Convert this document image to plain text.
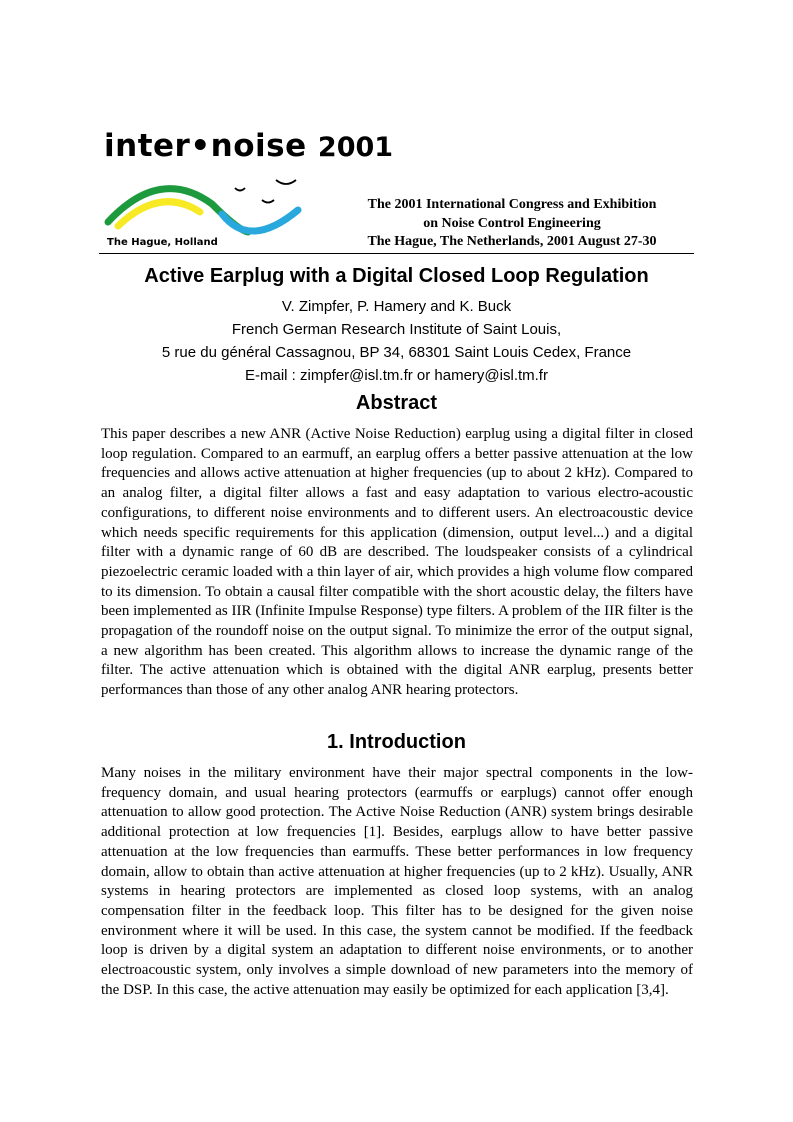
inter•noise 2001
The Hague, Holland
The 2001 International Congress and Exhibition
on Noise Control Engineering
The Hague, The Netherlands, 2001 August 27-30
Active Earplug with a Digital Closed Loop Regulation
V. Zimpfer, P. Hamery and K. Buck
French German Research Institute of Saint Louis,
5 rue du général Cassagnou, BP 34, 68301 Saint Louis Cedex, France
E-mail : zimpfer@isl.tm.fr or hamery@isl.tm.fr
Abstract

This paper describes a new ANR (Active Noise Reduction) earplug using a digital filter in closed loop regulation. Compared to an earmuff, an earplug offers a better passive attenuation at the low frequencies and allows active attenuation at higher frequencies (up to about 2 kHz). Compared to an analog filter, a digital filter allows a fast and easy adaptation to various electro-acoustic configurations, to different noise environments and to different users. An electroacoustic device which needs specific requirements for this application (dimension, output level...) and a digital filter with a dynamic range of 60 dB are described. The loudspeaker consists of a cylindrical piezoelectric ceramic loaded with a thin layer of air, which provides a high volume flow compared to its dimension. To obtain a causal filter compatible with the short acoustic delay, the filters have been implemented as IIR (Infinite Impulse Response) type filters. A problem of the IIR filter is the propagation of the roundoff noise on the output signal. To minimize the error of the output signal, a new algorithm has been created. This algorithm allows to increase the dynamic range of the filter. The active attenuation which is obtained with the digital ANR earplug, presents better performances than those of any other analog ANR hearing protectors.

1. Introduction

Many noises in the military environment have their major spectral components in the low-frequency domain, and usual hearing protectors (earmuffs or earplugs) cannot offer enough attenuation to allow good protection. The Active Noise Reduction (ANR) system brings desirable additional protection at low frequencies [1]. Besides, earplugs allow to have better passive attenuation at the low frequencies than earmuffs. These better performances in low frequency domain, allow to obtain than active attenuation at higher frequencies (up to 2 kHz). Usually, ANR systems in hearing protectors are implemented as closed loop systems, with an analog compensation filter in the feedback loop. This filter has to be designed for the given noise environment where it will be used. In this case, the system cannot be modified. If the feedback loop is driven by a digital system an adaptation to different noise environments, or to another electroacoustic system, only involves a simple download of new parameters into the memory of the DSP. In this case, the active attenuation may easily be optimized for each application [3,4].
